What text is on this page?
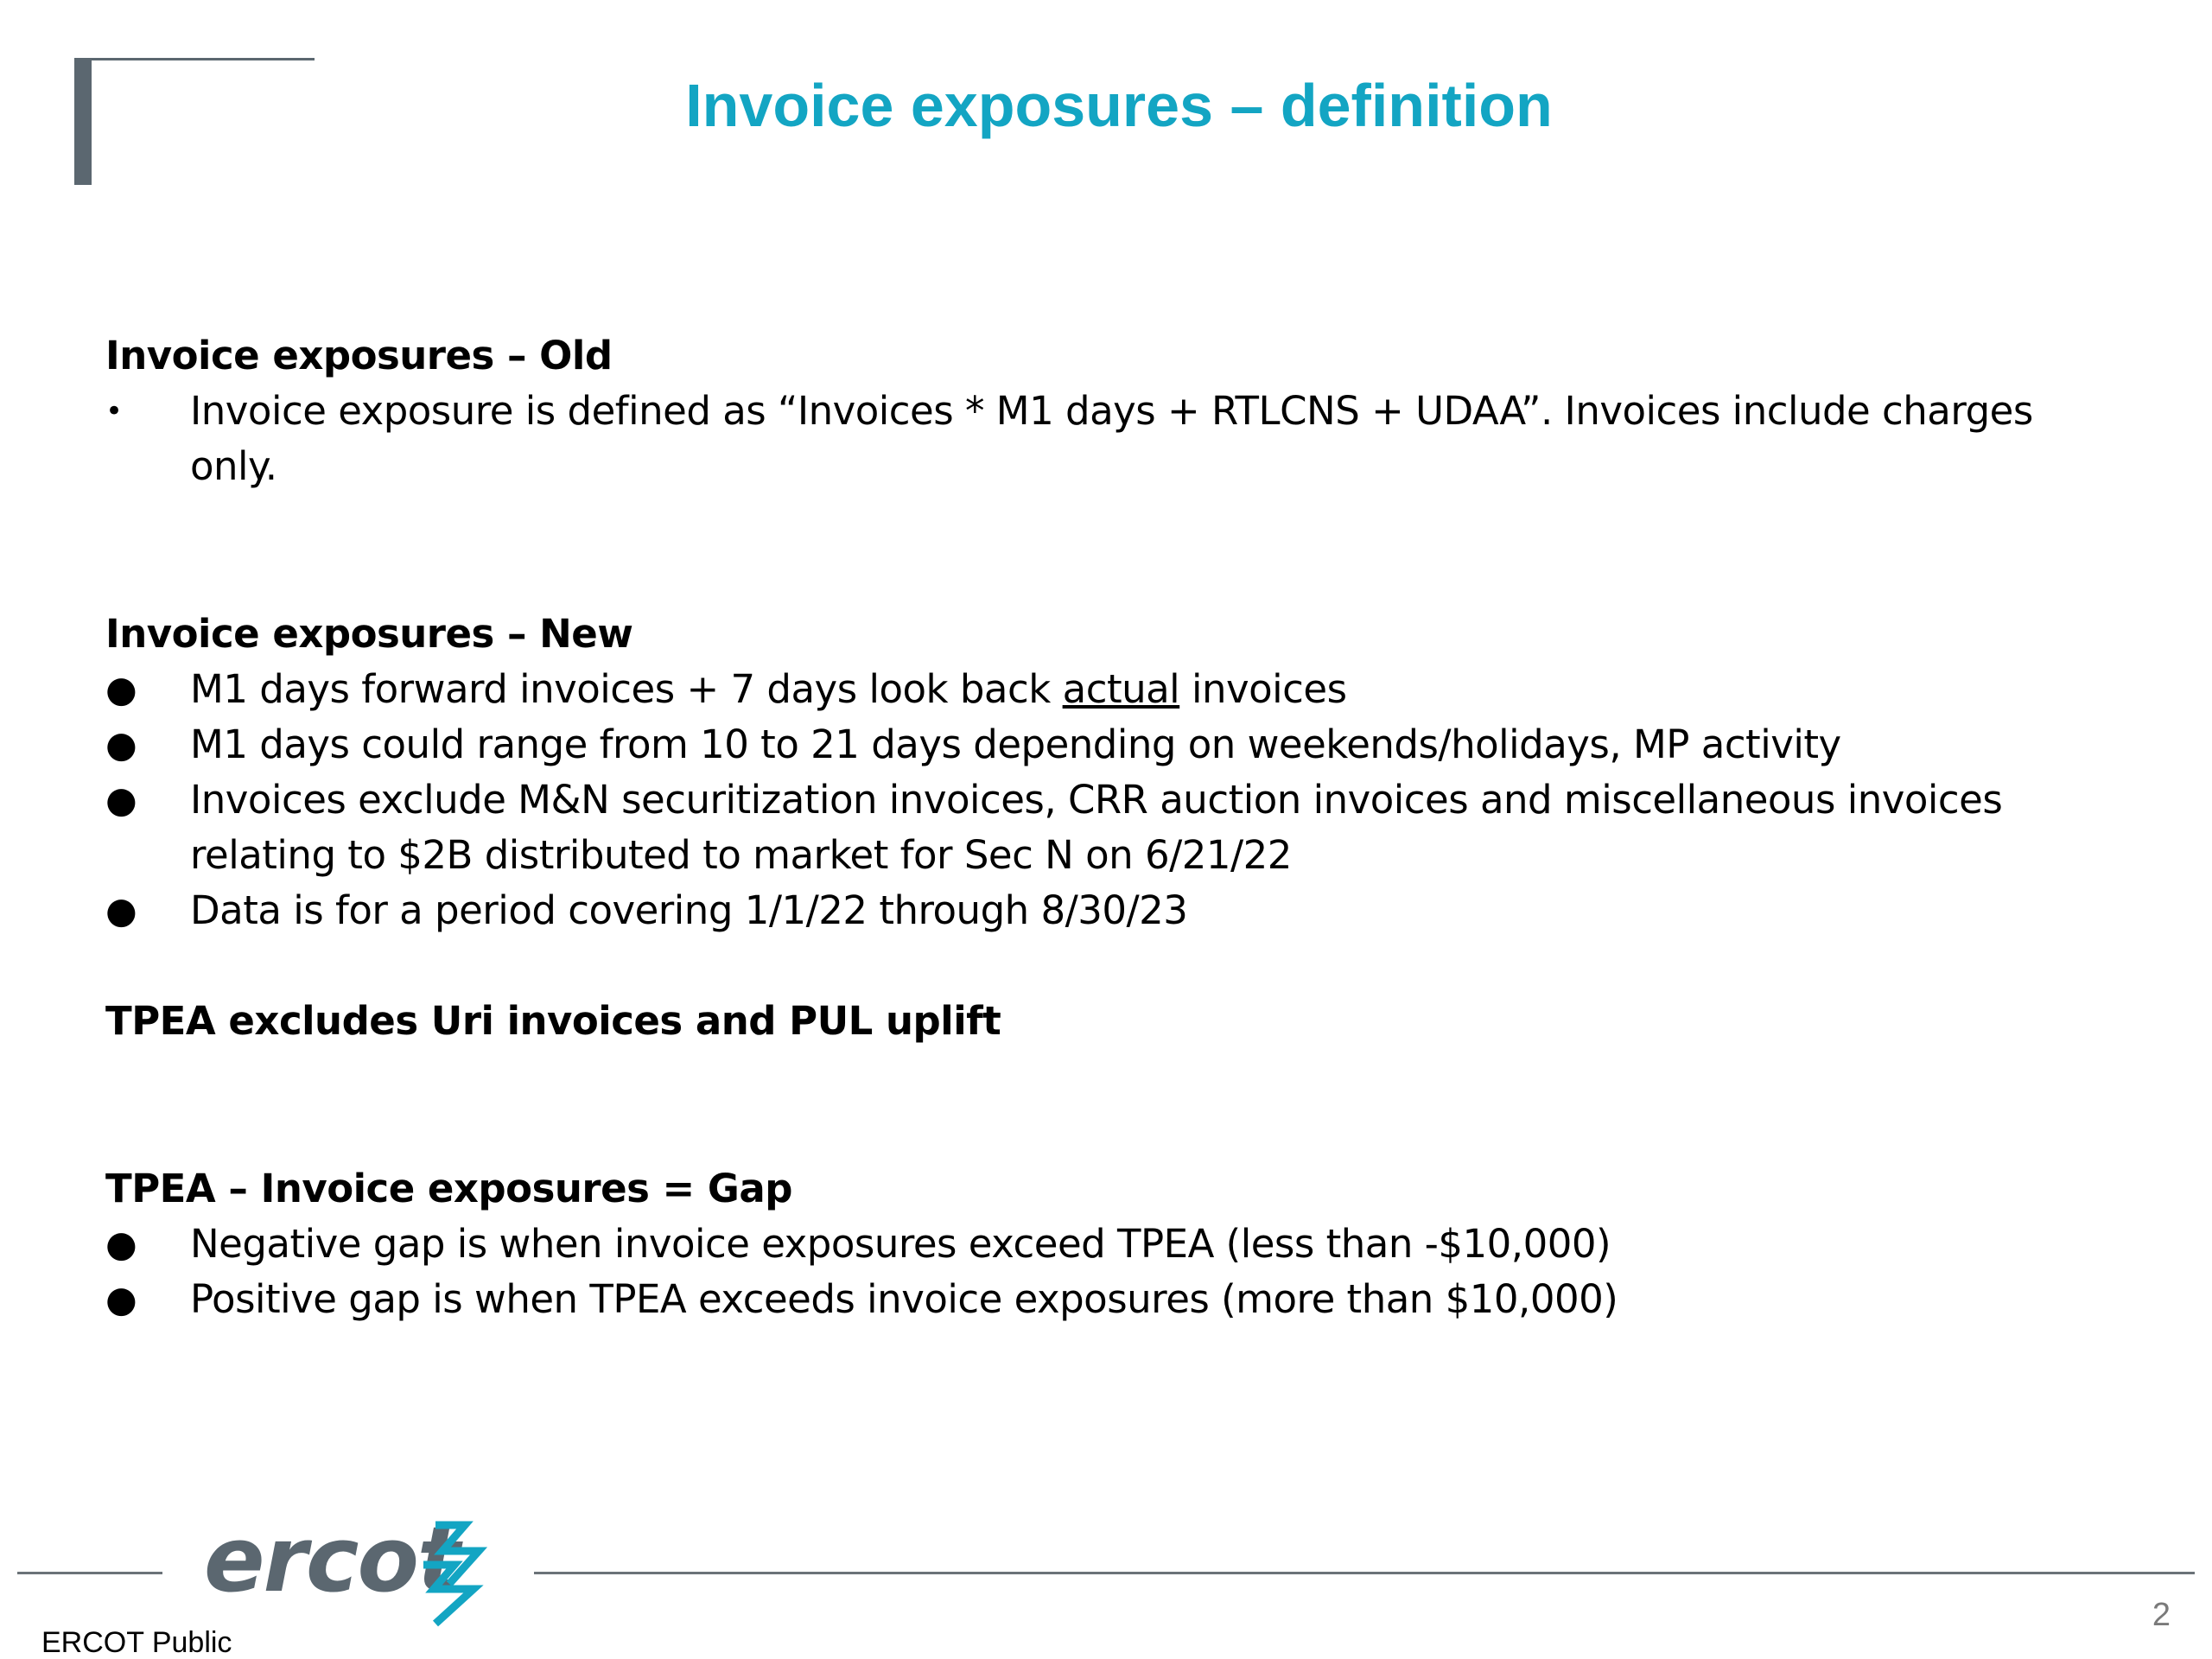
Invoice exposures – definition

Invoice exposures – Old

•	Invoice exposure is defined as “Invoices * M1 days + RTLCNS + UDAA”. Invoices include charges only.

Invoice exposures – New

● M1 days forward invoices + 7 days look back actual invoices
● M1 days could range from 10 to 21 days depending on weekends/holidays, MP activity
● Invoices exclude M&N securitization invoices, CRR auction invoices and miscellaneous invoices relating to $2B distributed to market for Sec N on 6/21/22
● Data is for a period covering 1/1/22 through 8/30/23

TPEA excludes Uri invoices and PUL uplift

TPEA – Invoice exposures = Gap

● Negative gap is when invoice exposures exceed TPEA (less than -$10,000)
● Positive gap is when TPEA exceeds invoice exposures (more than $10,000)
ercot
ERCOT Public
2
